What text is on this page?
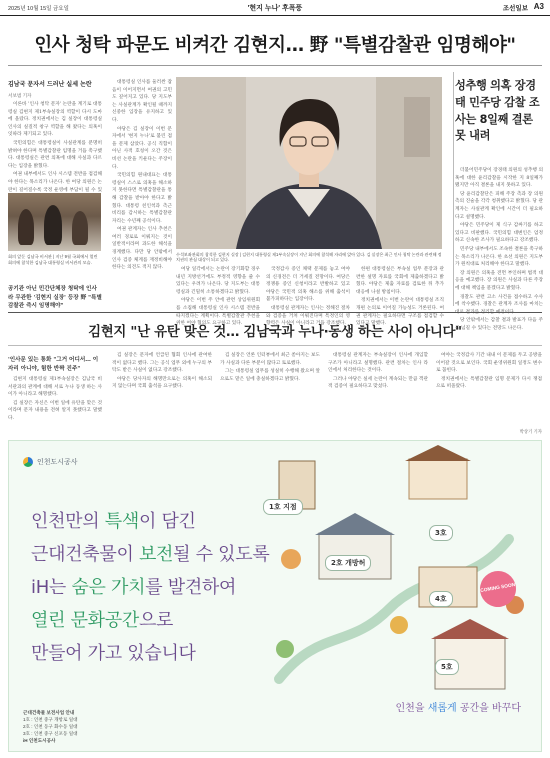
2025년 10월 15일 금요일	'현지 누나' 후폭풍	조선일보 A3
인사 청탁 파문도 비켜간 김현지… 野 "특별감찰관 임명해야"
김남국 문자서 드러난 실세 논란
서보범 기자

이른바 '인사 청탁 문자' 논란을 계기로 대통령실 김현지 제1부속실장의 역할이 다시 도마에 올랐다. 정치권에서는 김 실장이 대통령실 인사의 실질적 창구 역할을 해 왔다는 의혹이 잇따라 제기되고 있다.

국민의힘은 대통령실이 사실관계를 분명히 밝혀야 한다며 특별감찰관 임명을 거듭 촉구했다. 대통령실은 관련 의혹에 대해 사실과 다르다는 입장을 밝혔다.

여권 내부에서도 인사 시스템 전반을 점검해야 한다는 목소리가 나온다. 한 여당 의원은 논란이 길어질수록 국정 운영에 부담이 될 수 있

회의 앞둔 김남국 비서관 | 지난 9월 국회에서 열린 회의에 참석한 김남국 대통령실 비서관의 모습.
공기관 아닌 민간단체장 청탁에 인사라 무관한 '김현지 실장' 등장 野 "특별감찰관 즉시 임명해야"

대통령실 인사를 둘러싼 잡음이 이어지면서 여권의 고민도 깊어지고 있다. 당 지도부는 사실관계가 확인될 때까지 신중한 입장을 유지하고 있다.

야당은 김 실장이 이번 문자에서 '현지 누나'로 불린 점을 문제 삼았다. 공식 직함이 아닌 사적 호칭이 오간 것은 비선 논란을 키운다는 주장이다.

국민의힘 원내대표는 대통령실이 스스로 의혹을 해소하지 못한다면 특별감찰관을 통해 감찰을 받아야 한다고 밝혔다. 대통령 친인척과 측근 비리를 감시하는 특별감찰관 자리는 수년째 공석이다.

여권 관계자는 인사 추천은 여러 경로로 이뤄지는 것이 일반적이라며 과도한 해석을 경계했다. 다만 당 안팎에서 인사 검증 체계를 재정비해야 한다는 의견도 적지 않다.

수석보좌관회의 참석한 김현지 실장 | 김현지 대통령실 제1부속실장이 지난 회의에 참석해 자리에 앉아 있다. 김 실장은 최근 인사 청탁 논란과 관련해 정치권의 관심 대상이 되고 있다.

여당 일각에서는 논란이 장기화할 경우 내년 지방선거에도 부정적 영향을 줄 수 있다는 우려가 나온다. 당 지도부는 대통령실과 긴밀히 소통하겠다고 밝혔다.

야당은 이번 주 안에 관련 상임위원회를 소집해 대통령실 인사 시스템 전반을 따지겠다는 계획이다. 특별감찰관 추천을 위한 여야 협의도 요구하고 있다.

국정감사 증인 채택 문제를 놓고 여야의 신경전은 더 거세질 전망이다. 여당은 정쟁용 증인 신청이라고 반발하고 있고 야당은 국민적 의혹 해소를 위해 출석이 불가피하다는 입장이다.

대통령실 관계자는 인사는 정해진 절차와 검증을 거쳐 이뤄진다며 특정인의 영향력은 사실이 아니라고 거듭 강조했다.

한편 대통령실은 부속실 업무 분장과 관련한 설명 자료를 국회에 제출하겠다고 밝혔다. 야당은 제출 자료를 검토한 뒤 추가 대응에 나설 방침이다.

정치권에서는 이번 논란이 대통령실 조직 개편 논의로 이어질 가능성도 거론된다. 여권 관계자는 필요하다면 구조를 점검할 수 있다고 말했다.

성추행 의혹 장경태 민주당 감찰 조사는 8일째 결론 못 내려

더불어민주당이 장경태 의원의 성추행 의혹에 대한 윤리감찰을 시작한 지 8일째가 됐지만 아직 결론을 내지 못하고 있다.

당 윤리감찰단은 피해 주장 측과 장 의원 측의 진술을 각각 청취했다고 밝혔다. 당 관계자는 사실관계 확인에 시간이 더 필요하다고 설명했다.

야당은 민주당이 제 식구 감싸기를 하고 있다고 비판했다. 국민의힘 대변인은 엄정하고 신속한 조사가 필요하다고 강조했다.

민주당 내부에서도 조속한 결론을 촉구하는 목소리가 나온다. 한 초선 의원은 지도부가 원칙대로 처리해야 한다고 말했다.

장 의원은 의혹을 전면 부인하며 법적 대응을 예고했다. 장 의원은 사실과 다른 주장에 대해 책임을 묻겠다고 밝혔다.

경찰도 관련 고소 사건을 접수하고 수사에 착수했다. 경찰은 관계자 조사를 마치는 대로 결과를 정리할 예정이다.

당 안팎에서는 감찰 결과 발표가 다음 주를 넘길 수 있다는 전망도 나온다.

김현지 "난 유탄 맞은 것… 김남국과 누나·동생 하는 사이 아니다"
'인사문 있는 통화 "그거 어디서… 이 자리 아니야, 험한 반짝 진주"

김현지 대통령실 제1부속실장은 김남국 비서관과의 관계에 대해 서로 누나 동생 하는 사이가 아니라고 해명했다.

김 실장은 자신은 이번 일에 유탄을 맞은 것이라며 문자 내용을 전혀 알지 못했다고 말했다.

김 실장은 문자에 언급된 협회 인사에 관여한 적이 없다고 했다. 그는 공식 업무 외에 누구의 부탁도 받은 사실이 없다고 강조했다.

야당은 당사자의 해명만으로는 의혹이 해소되지 않는다며 국회 출석을 요구했다.

김 실장은 언론 인터뷰에서 최근 쏟아지는 보도가 사실과 다른 부분이 많다고 토로했다.

그는 대통령실 업무를 성실히 수행해 왔으며 앞으로도 맡은 일에 충실하겠다고 밝혔다.

대통령실 관계자는 부속실장이 인사에 개입할 구조가 아니라고 설명했다. 관련 절차는 인사 라인에서 처리한다는 것이다.

그러나 야당은 실세 논란이 계속되는 만큼 객관적 검증이 필요하다고 맞섰다.

여야는 국정감사 기간 내내 이 문제를 두고 공방을 이어갈 것으로 보인다. 국회 운영위원회 일정도 변수로 꼽힌다.

정치권에서는 특별감찰관 임명 문제가 다시 쟁점으로 떠올랐다.

박상기 기자
인천도시공사
인천만의 특색이 담긴
근대건축물이 보전될 수 있도록
iH는 숨은 가치를 발견하여
열린 문화공간으로
만들어 가고 있습니다
3호
1호 지점
2호 개방허
4호
5호
COMING SOON
근대건축물 보전사업 안내
1호 : 인천 중구 개항로 일대
2호 : 인천 동구 화수동 일대
3호 : 인천 중구 신포동 일대
iH 인천도시공사
인천을 새롭게 공간을 바꾸다
